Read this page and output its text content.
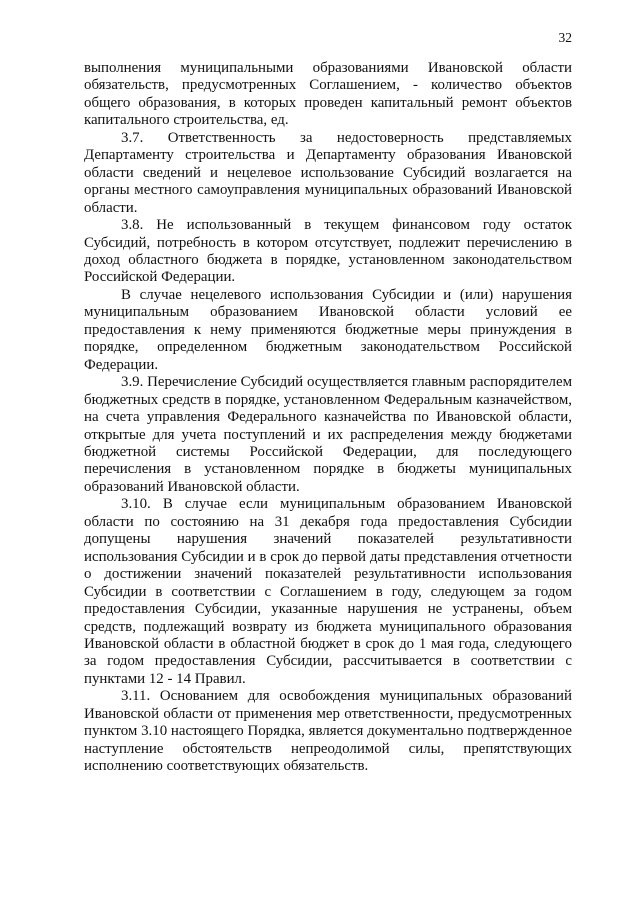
32

выполнения муниципальными образованиями Ивановской области обязательств, предусмотренных Соглашением, - количество объектов общего образования, в которых проведен капитальный ремонт объектов капитального строительства, ед.

3.7. Ответственность за недостоверность представляемых Департаменту строительства и Департаменту образования Ивановской области сведений и нецелевое использование Субсидий возлагается на органы местного самоуправления муниципальных образований Ивановской области.

3.8. Не использованный в текущем финансовом году остаток Субсидий, потребность в котором отсутствует, подлежит перечислению в доход областного бюджета в порядке, установленном законодательством Российской Федерации.

В случае нецелевого использования Субсидии и (или) нарушения муниципальным образованием Ивановской области условий ее предоставления к нему применяются бюджетные меры принуждения в порядке, определенном бюджетным законодательством Российской Федерации.

3.9. Перечисление Субсидий осуществляется главным распорядителем бюджетных средств в порядке, установленном Федеральным казначейством, на счета управления Федерального казначейства по Ивановской области, открытые для учета поступлений и их распределения между бюджетами бюджетной системы Российской Федерации, для последующего перечисления в установленном порядке в бюджеты муниципальных образований Ивановской области.

3.10. В случае если муниципальным образованием Ивановской области по состоянию на 31 декабря года предоставления Субсидии допущены нарушения значений показателей результативности использования Субсидии и в срок до первой даты представления отчетности о достижении значений показателей результативности использования Субсидии в соответствии с Соглашением в году, следующем за годом предоставления Субсидии, указанные нарушения не устранены, объем средств, подлежащий возврату из бюджета муниципального образования Ивановской области в областной бюджет в срок до 1 мая года, следующего за годом предоставления Субсидии, рассчитывается в соответствии с пунктами 12 - 14 Правил.

3.11. Основанием для освобождения муниципальных образований Ивановской области от применения мер ответственности, предусмотренных пунктом 3.10 настоящего Порядка, является документально подтвержденное наступление обстоятельств непреодолимой силы, препятствующих исполнению соответствующих обязательств.
